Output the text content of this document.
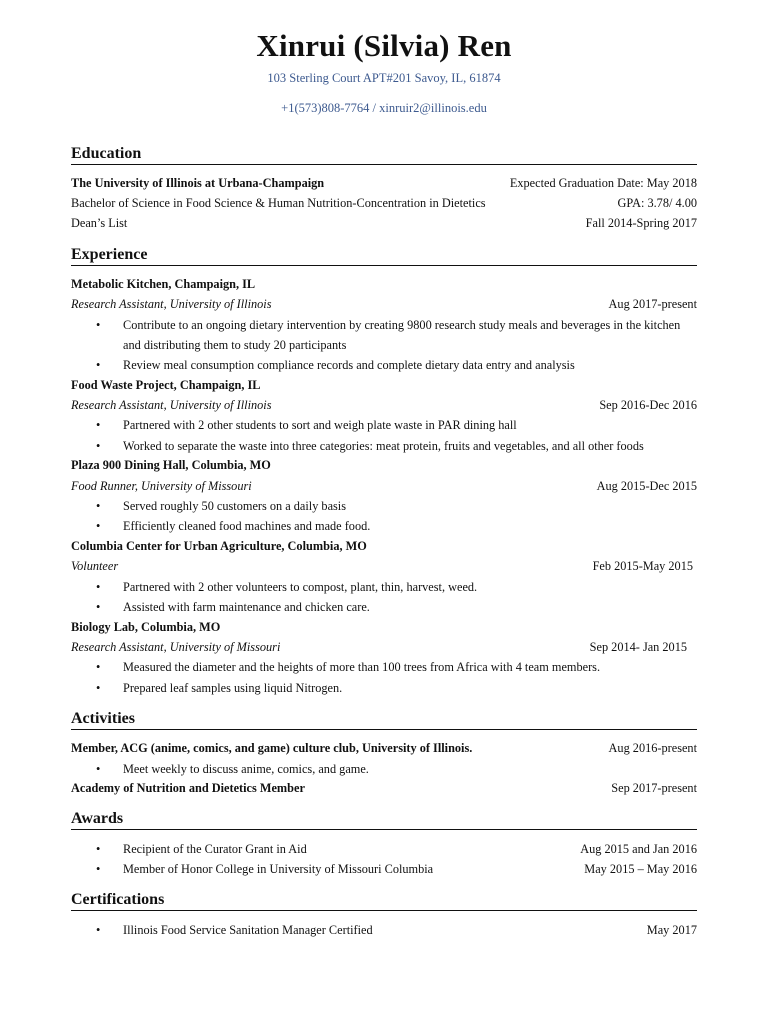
Xinrui (Silvia) Ren
103 Sterling Court APT#201 Savoy, IL, 61874
+1(573)808-7764 / xinruir2@illinois.edu
Education
The University of Illinois at Urbana-Champaign	Expected Graduation Date: May 2018
Bachelor of Science in Food Science & Human Nutrition-Concentration in Dietetics	GPA: 3.78/ 4.00
Dean’s List	Fall 2014-Spring 2017
Experience
Metabolic Kitchen, Champaign, IL
Research Assistant, University of Illinois	Aug 2017-present
• Contribute to an ongoing dietary intervention by creating 9800 research study meals and beverages in the kitchen
and distributing them to study 20 participants
• Review meal consumption compliance records and complete dietary data entry and analysis
Food Waste Project, Champaign, IL
Research Assistant, University of Illinois	Sep 2016-Dec 2016
• Partnered with 2 other students to sort and weigh plate waste in PAR dining hall
• Worked to separate the waste into three categories: meat protein, fruits and vegetables, and all other foods
Plaza 900 Dining Hall, Columbia, MO
Food Runner, University of Missouri	Aug 2015-Dec 2015
• Served roughly 50 customers on a daily basis
• Efficiently cleaned food machines and made food.
Columbia Center for Urban Agriculture, Columbia, MO
Volunteer	Feb 2015-May 2015
• Partnered with 2 other volunteers to compost, plant, thin, harvest, weed.
• Assisted with farm maintenance and chicken care.
Biology Lab, Columbia, MO
Research Assistant, University of Missouri	Sep 2014- Jan 2015
• Measured the diameter and the heights of more than 100 trees from Africa with 4 team members.
• Prepared leaf samples using liquid Nitrogen.
Activities
Member, ACG (anime, comics, and game) culture club, University of Illinois.	Aug 2016-present
• Meet weekly to discuss anime, comics, and game.
Academy of Nutrition and Dietetics Member	Sep 2017-present
Awards
• Recipient of the Curator Grant in Aid	Aug 2015 and Jan 2016
• Member of Honor College in University of Missouri Columbia	May 2015 – May 2016
Certifications
• Illinois Food Service Sanitation Manager Certified	May 2017
